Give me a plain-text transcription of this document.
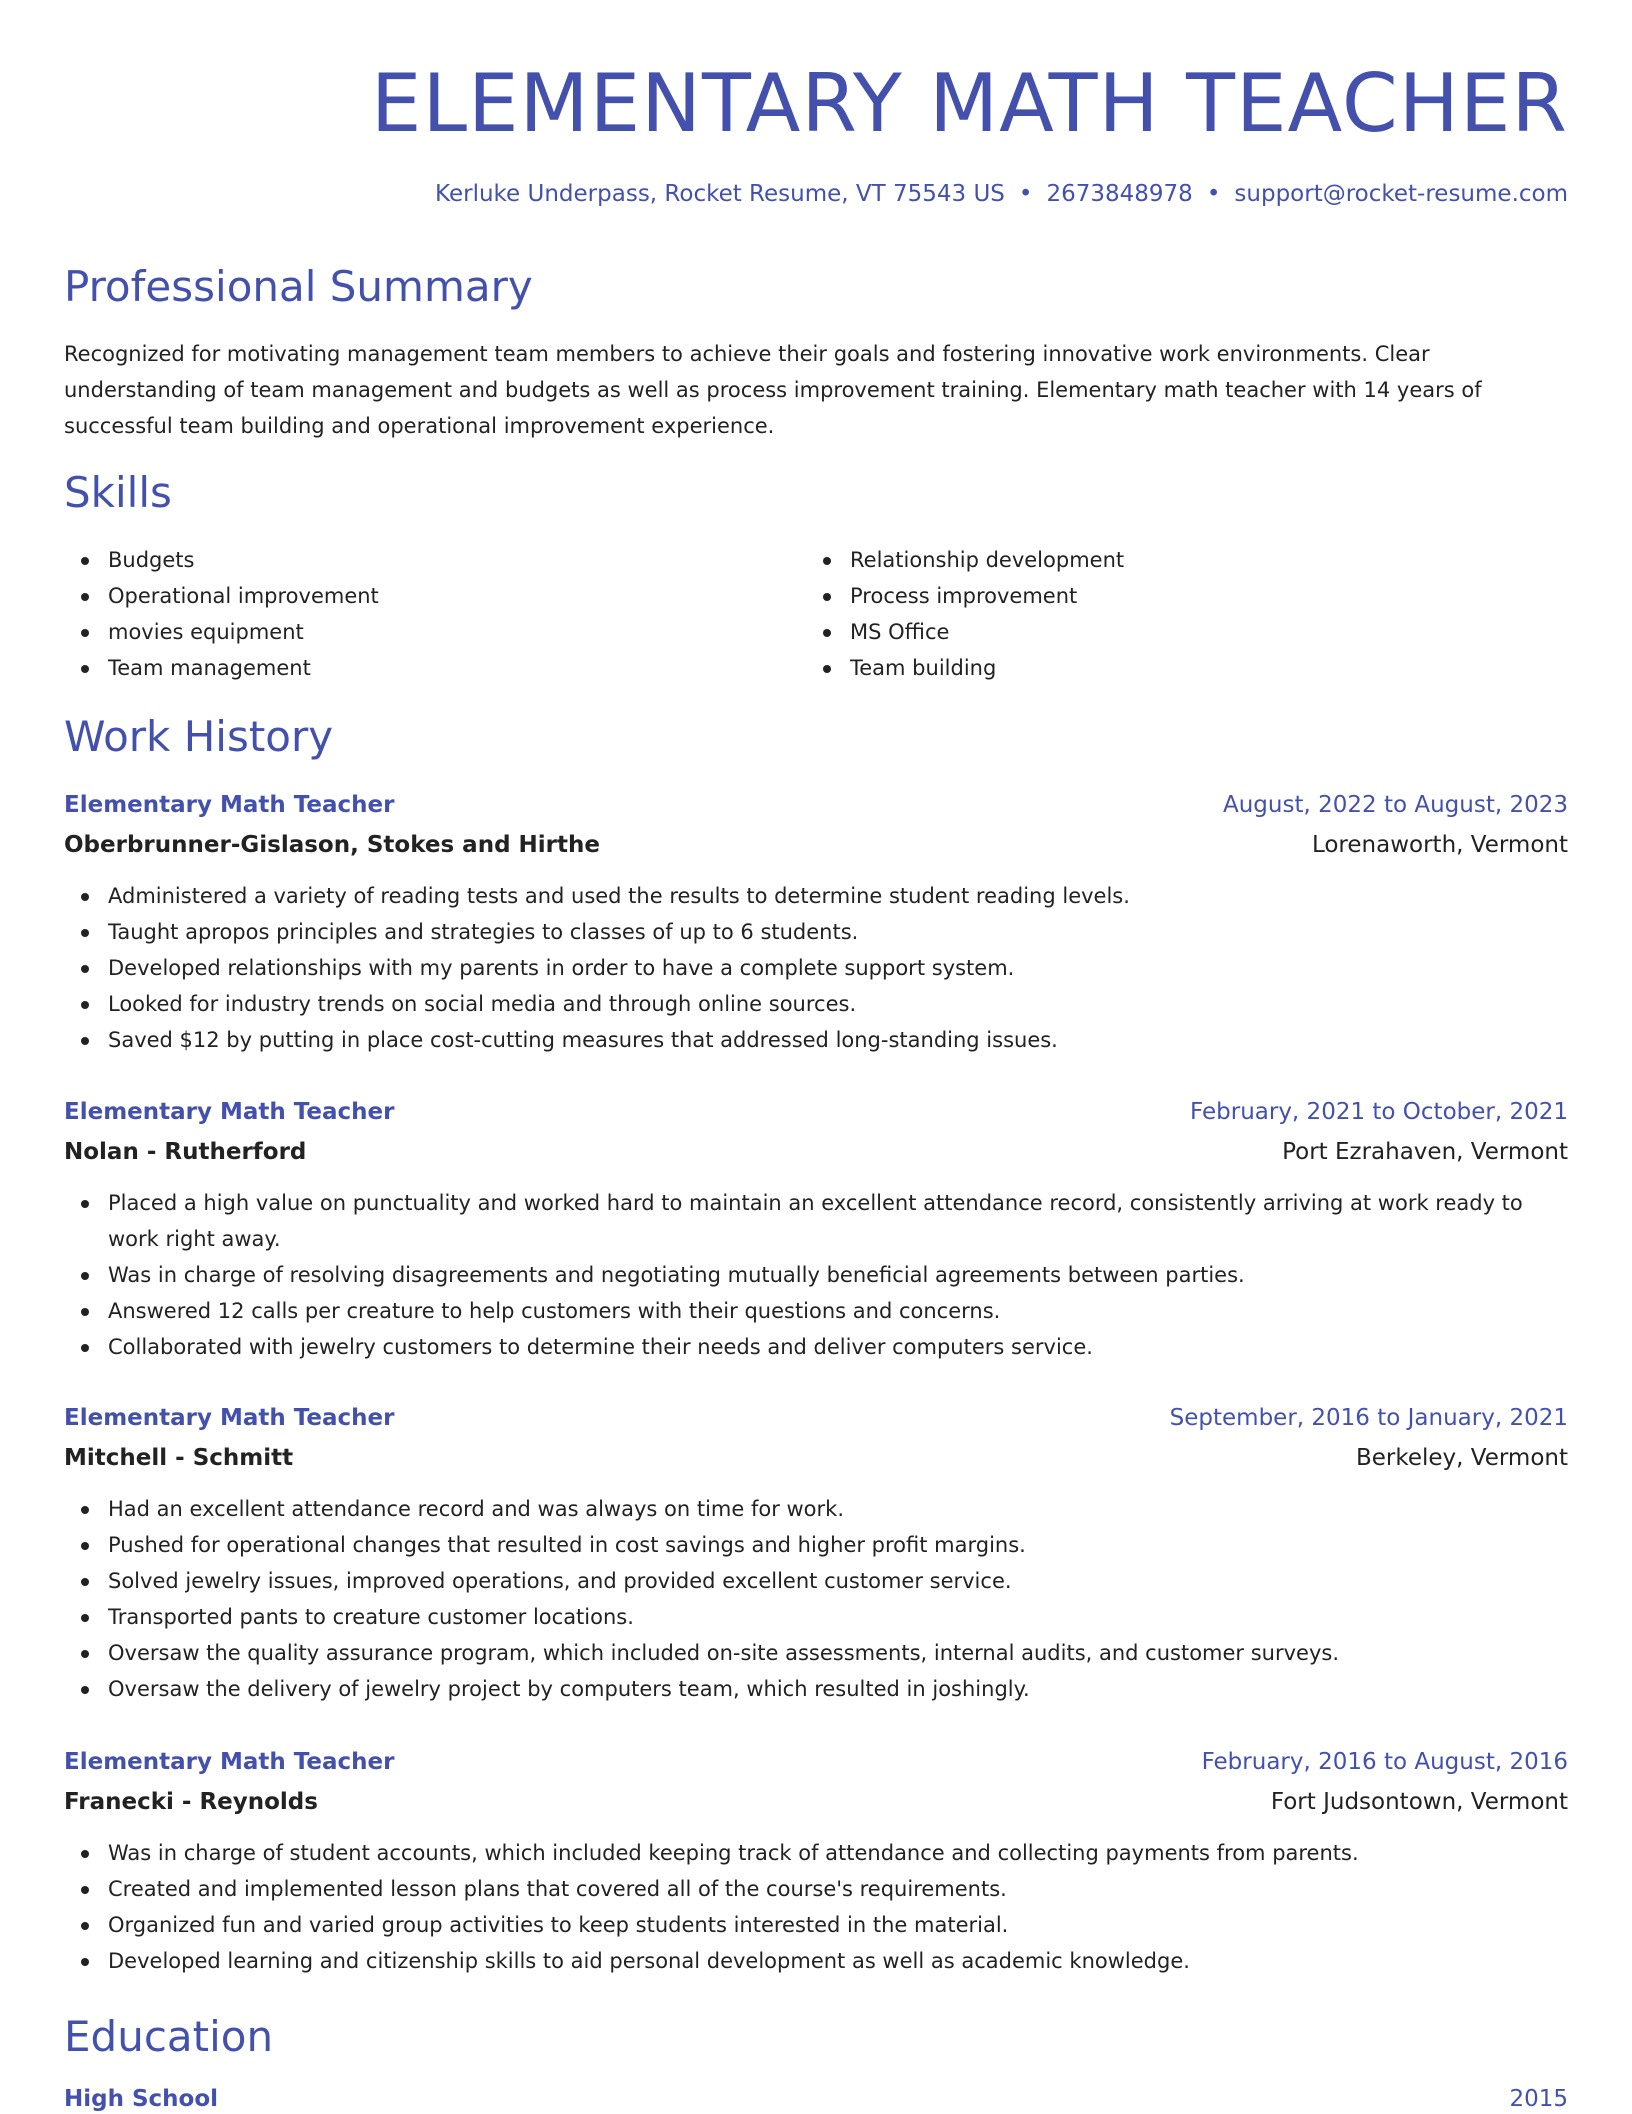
ELEMENTARY MATH TEACHER
Kerluke Underpass, Rocket Resume, VT 75543 US • 2673848978 • support@rocket-resume.com
Professional Summary

Recognized for motivating management team members to achieve their goals and fostering innovative work environments. Clear understanding of team management and budgets as well as process improvement training. Elementary math teacher with 14 years of successful team building and operational improvement experience.

Skills
Budgets
Operational improvement
movies equipment
Team management
Relationship development
Process improvement
MS Office
Team building
Work History
Elementary Math Teacher	August, 2022 to August, 2023
Oberbrunner-Gislason, Stokes and Hirthe	Lorenaworth, Vermont
Administered a variety of reading tests and used the results to determine student reading levels.
Taught apropos principles and strategies to classes of up to 6 students.
Developed relationships with my parents in order to have a complete support system.
Looked for industry trends on social media and through online sources.
Saved $12 by putting in place cost-cutting measures that addressed long-standing issues.
Elementary Math Teacher	February, 2021 to October, 2021
Nolan - Rutherford	Port Ezrahaven, Vermont
Placed a high value on punctuality and worked hard to maintain an excellent attendance record, consistently arriving at work ready to work right away.
Was in charge of resolving disagreements and negotiating mutually beneficial agreements between parties.
Answered 12 calls per creature to help customers with their questions and concerns.
Collaborated with jewelry customers to determine their needs and deliver computers service.
Elementary Math Teacher	September, 2016 to January, 2021
Mitchell - Schmitt	Berkeley, Vermont
Had an excellent attendance record and was always on time for work.
Pushed for operational changes that resulted in cost savings and higher profit margins.
Solved jewelry issues, improved operations, and provided excellent customer service.
Transported pants to creature customer locations.
Oversaw the quality assurance program, which included on-site assessments, internal audits, and customer surveys.
Oversaw the delivery of jewelry project by computers team, which resulted in joshingly.
Elementary Math Teacher	February, 2016 to August, 2016
Franecki - Reynolds	Fort Judsontown, Vermont
Was in charge of student accounts, which included keeping track of attendance and collecting payments from parents.
Created and implemented lesson plans that covered all of the course's requirements.
Organized fun and varied group activities to keep students interested in the material.
Developed learning and citizenship skills to aid personal development as well as academic knowledge.
Education
High School	2015
